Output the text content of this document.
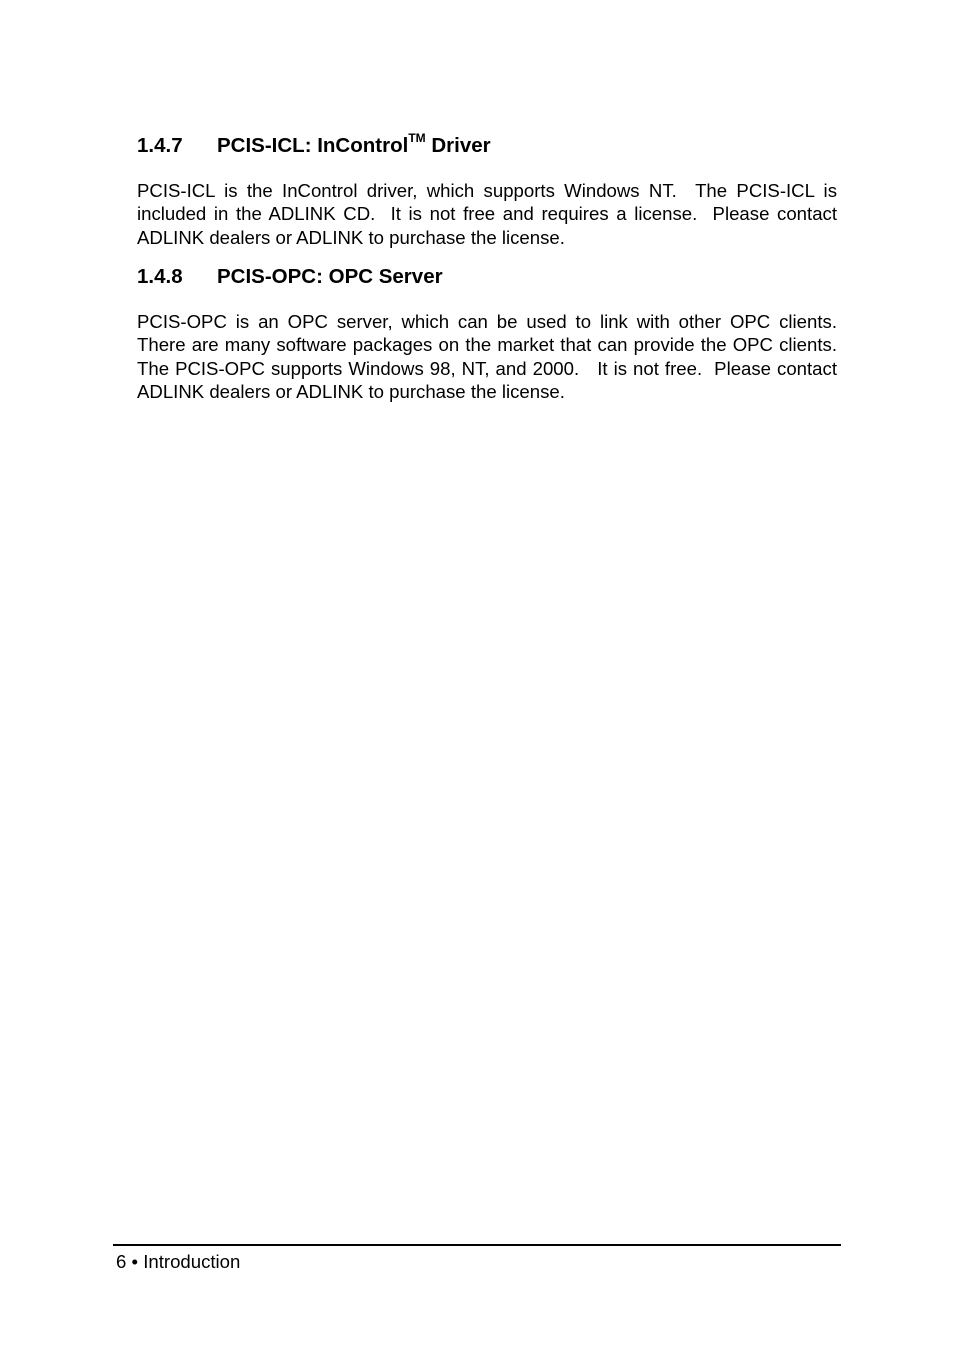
1.4.7 PCIS-ICL: InControl™ Driver

PCIS-ICL is the InControl driver, which supports Windows NT.  The PCIS-ICL is included in the ADLINK CD.  It is not free and requires a license.  Please contact ADLINK dealers or ADLINK to purchase the license.

1.4.8 PCIS-OPC: OPC Server

PCIS-OPC is an OPC server, which can be used to link with other OPC clients. There are many software packages on the market that can provide the OPC clients. The PCIS-OPC supports Windows 98, NT, and 2000.   It is not free.  Please contact ADLINK dealers or ADLINK to purchase the license.

6 • Introduction
